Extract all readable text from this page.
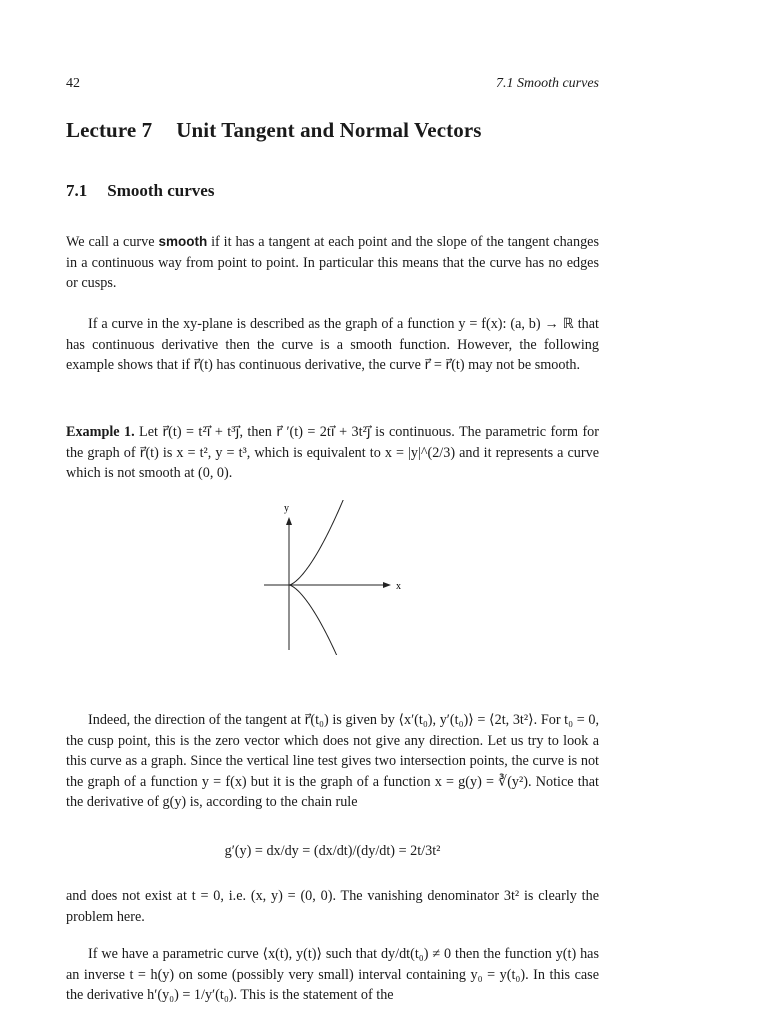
42	7.1 Smooth curves
Lecture 7 Unit Tangent and Normal Vectors
7.1 Smooth curves
We call a curve smooth if it has a tangent at each point and the slope of the tangent changes in a continuous way from point to point. In particular this means that the curve has no edges or cusps.
If a curve in the xy-plane is described as the graph of a function y = f(x): (a, b) → ℝ that has continuous derivative then the curve is a smooth function. However, the following example shows that if r⃗(t) has continuous derivative, the curve r⃗ = r⃗(t) may not be smooth.
Example 1. Let r⃗(t) = t²i⃗ + t³j⃗, then r⃗ ′(t) = 2ti⃗ + 3t²j⃗ is continuous. The parametric form for the graph of r⃗(t) is x = t², y = t³, which is equivalent to x = |y|^(2/3) and it represents a curve which is not smooth at (0, 0).
x
y
Indeed, the direction of the tangent at r⃗(t₀) is given by ⟨x′(t₀), y′(t₀)⟩ = ⟨2t, 3t²⟩. For t₀ = 0, the cusp point, this is the zero vector which does not give any direction. Let us try to look a this curve as a graph. Since the vertical line test gives two intersection points, the curve is not the graph of a function y = f(x) but it is the graph of a function x = g(y) = ∛(y²). Notice that the derivative of g(y) is, according to the chain rule
g′(y) = dx/dy = (dx/dt)/(dy/dt) = 2t/3t²
and does not exist at t = 0, i.e. (x, y) = (0, 0). The vanishing denominator 3t² is clearly the problem here.
If we have a parametric curve ⟨x(t), y(t)⟩ such that dy/dt(t₀) ≠ 0 then the function y(t) has an inverse t = h(y) on some (possibly very small) interval containing y₀ = y(t₀). In this case the derivative h′(y₀) = 1/y′(t₀). This is the statement of the
